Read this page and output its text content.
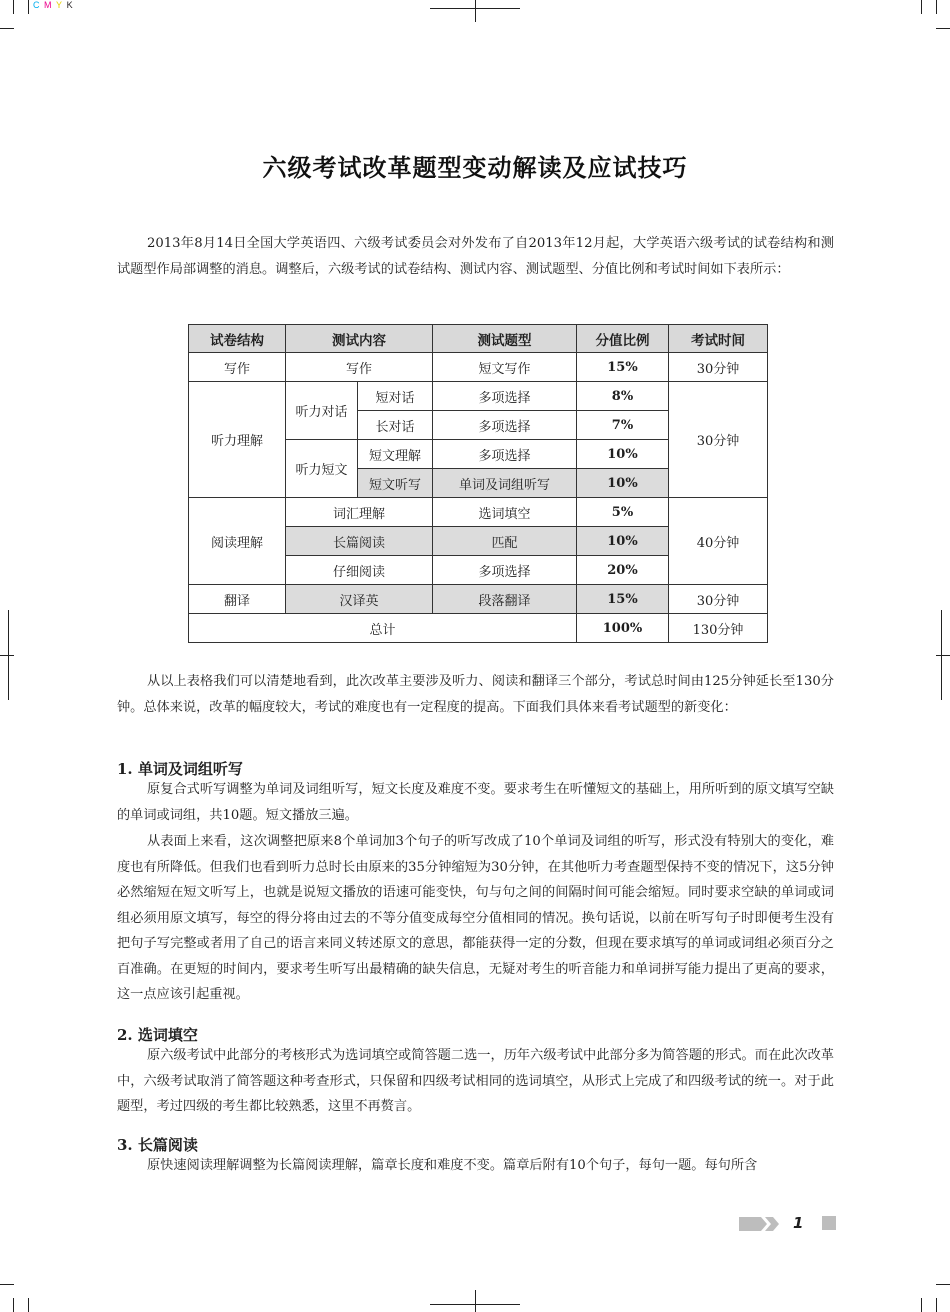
C M Y K
六级考试改革题型变动解读及应试技巧

2013年8月14日全国大学英语四、六级考试委员会对外发布了自2013年12月起，大学英语六级考试的试卷结构和测试题型作局部调整的消息。调整后，六级考试的试卷结构、测试内容、测试题型、分值比例和考试时间如下表所示：

试卷结构	测试内容		测试题型	分值比例	考试时间
写作	写作		短文写作	15%	30分钟
听力理解	听力对话	短对话	多项选择	8%	30分钟
		长对话	多项选择	7%	
	听力短文	短文理解	多项选择	10%	
		短文听写	单词及词组听写	10%	
阅读理解	词汇理解		选词填空	5%	40分钟
	长篇阅读		匹配	10%	
	仔细阅读		多项选择	20%	
翻译	汉译英		段落翻译	15%	30分钟
总计				100%	130分钟

从以上表格我们可以清楚地看到，此次改革主要涉及听力、阅读和翻译三个部分，考试总时间由125分钟延长至130分钟。总体来说，改革的幅度较大，考试的难度也有一定程度的提高。下面我们具体来看考试题型的新变化：

1. 单词及词组听写

原复合式听写调整为单词及词组听写，短文长度及难度不变。要求考生在听懂短文的基础上，用所听到的原文填写空缺的单词或词组，共10题。短文播放三遍。

从表面上来看，这次调整把原来8个单词加3个句子的听写改成了10个单词及词组的听写，形式没有特别大的变化，难度也有所降低。但我们也看到听力总时长由原来的35分钟缩短为30分钟，在其他听力考查题型保持不变的情况下，这5分钟必然缩短在短文听写上，也就是说短文播放的语速可能变快，句与句之间的间隔时间可能会缩短。同时要求空缺的单词或词组必须用原文填写，每空的得分将由过去的不等分值变成每空分值相同的情况。换句话说，以前在听写句子时即便考生没有把句子写完整或者用了自己的语言来同义转述原文的意思，都能获得一定的分数，但现在要求填写的单词或词组必须百分之百准确。在更短的时间内，要求考生听写出最精确的缺失信息，无疑对考生的听音能力和单词拼写能力提出了更高的要求，这一点应该引起重视。

2. 选词填空

原六级考试中此部分的考核形式为选词填空或简答题二选一，历年六级考试中此部分多为简答题的形式。而在此次改革中，六级考试取消了简答题这种考查形式，只保留和四级考试相同的选词填空，从形式上完成了和四级考试的统一。对于此题型，考过四级的考生都比较熟悉，这里不再赘言。

3. 长篇阅读

原快速阅读理解调整为长篇阅读理解，篇章长度和难度不变。篇章后附有10个句子，每句一题。每句所含

1
